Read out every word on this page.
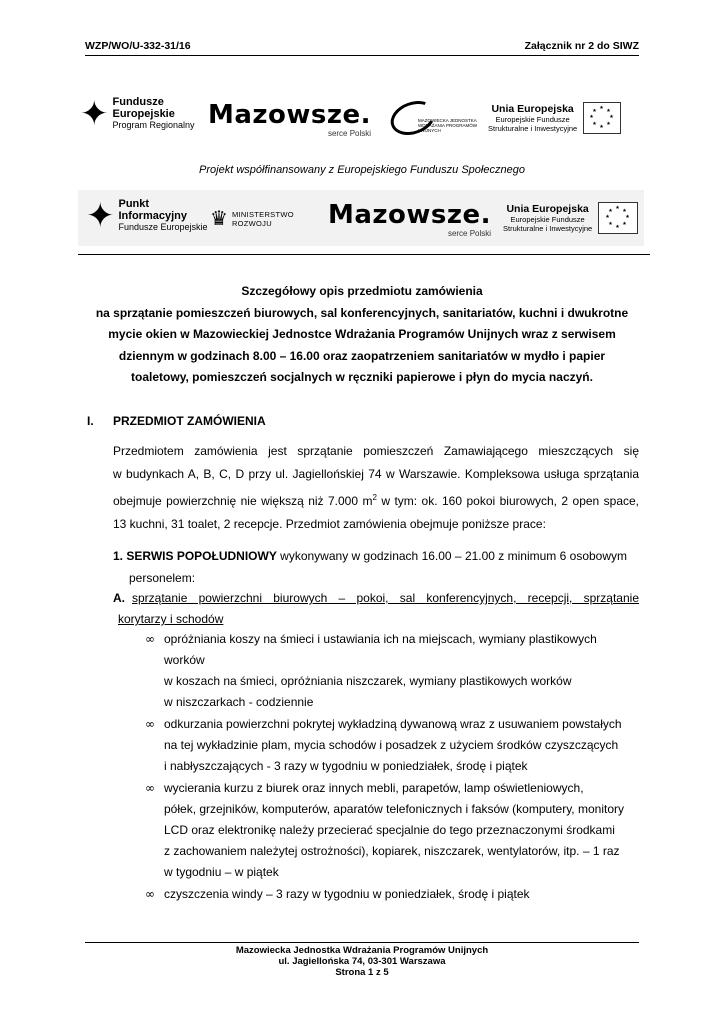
WZP/WO/U-332-31/16	Załącznik nr 2 do SIWZ
✦ Fundusze
Europejskie
Program Regionalny Mazowsze.
serce Polski
MAZOWIECKA JEDNOSTKA WDRAŻANIA PROGRAMÓW UNIJNYCH
Unia Europejska
Europejskie Fundusze
Strukturalne i Inwestycyjne
★ ★
★
★
★
★
★
★
Projekt współfinansowany z Europejskiego Funduszu Społecznego
✦ Punkt
Informacyjny
Fundusze Europejskie ♛ MINISTERSTWO
ROZWOJU	Mazowsze.
serce Polski
Unia Europejska
Europejskie Fundusze
Strukturalne i Inwestycyjne
★ ★
★
★
★
★
★
★
Szczegółowy opis przedmiotu zamówienia
na sprzątanie pomieszczeń biurowych, sal konferencyjnych, sanitariatów, kuchni i dwukrotne
mycie okien w Mazowieckiej Jednostce Wdrażania Programów Unijnych wraz z serwisem
dziennym w godzinach 8.00 – 16.00 oraz zaopatrzeniem sanitariatów w mydło i papier
toaletowy, pomieszczeń socjalnych w ręczniki papierowe i płyn do mycia naczyń.
I. PRZEDMIOT ZAMÓWIENIA
Przedmiotem zamówienia jest sprzątanie pomieszczeń Zamawiającego mieszczących się
w budynkach A, B, C, D przy ul. Jagiellońskiej 74 w Warszawie. Kompleksowa usługa sprzątania
obejmuje powierzchnię nie większą niż 7.000 $m^2$ w tym: ok. 160 pokoi biurowych, 2 open space,
13 kuchni, 31 toalet, 2 recepcje. Przedmiot zamówienia obejmuje poniższe prace:
1. SERWIS POPOŁUDNIOWY wykonywany w godzinach 16.00 – 21.00 z minimum 6 osobowym
personelem:
A. sprzątanie powierzchni biurowych – pokoi, sal konferencyjnych, recepcji, sprzątanie
korytarzy i schodów
∞ opróżniania koszy na śmieci i ustawiania ich na miejscach, wymiany plastikowych
worków
w koszach na śmieci, opróżniania niszczarek, wymiany plastikowych worków
w niszczarkach - codziennie
∞ odkurzania powierzchni pokrytej wykładziną dywanową wraz z usuwaniem powstałych
na tej wykładzinie plam, mycia schodów i posadzek z użyciem środków czyszczących
i nabłyszczających - 3 razy w tygodniu w poniedziałek, środę i piątek
∞ wycierania kurzu z biurek oraz innych mebli, parapetów, lamp oświetleniowych,
półek, grzejników, komputerów, aparatów telefonicznych i faksów (komputery, monitory
LCD oraz elektronikę należy przecierać specjalnie do tego przeznaczonymi środkami
z zachowaniem należytej ostrożności), kopiarek, niszczarek, wentylatorów, itp. – 1 raz
w tygodniu – w piątek
∞ czyszczenia windy – 3 razy w tygodniu w poniedziałek, środę i piątek
Mazowiecka Jednostka Wdrażania Programów Unijnych
ul. Jagiellońska 74, 03-301 Warszawa
Strona 1 z 5
